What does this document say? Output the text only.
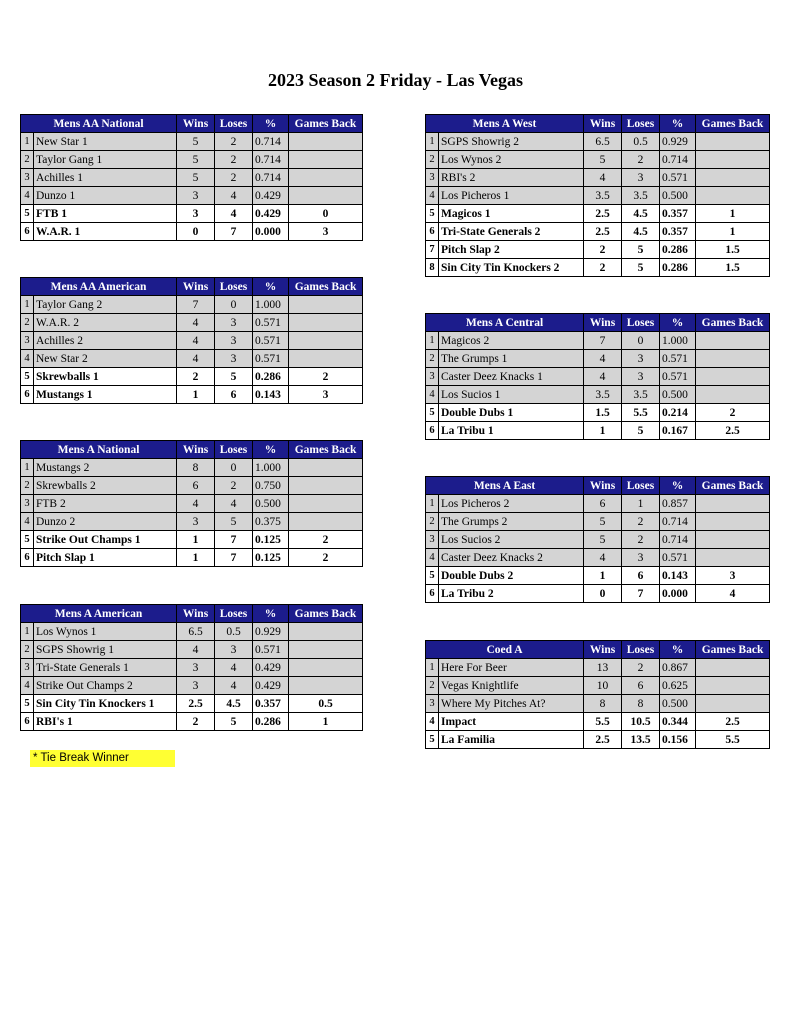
2023 Season 2 Friday - Las Vegas
Mens AA National		Wins	Loses	%	Games Back
1	New Star 1	5	2	0.714	
2	Taylor Gang 1	5	2	0.714	
3	Achilles 1	5	2	0.714	
4	Dunzo 1	3	4	0.429	
5	FTB 1	3	4	0.429	0
6	W.A.R. 1	0	7	0.000	3
Mens AA American		Wins	Loses	%	Games Back
1	Taylor Gang 2	7	0	1.000	
2	W.A.R. 2	4	3	0.571	
3	Achilles 2	4	3	0.571	
4	New Star 2	4	3	0.571	
5	Skrewballs 1	2	5	0.286	2
6	Mustangs 1	1	6	0.143	3
Mens A National		Wins	Loses	%	Games Back
1	Mustangs 2	8	0	1.000	
2	Skrewballs 2	6	2	0.750	
3	FTB 2	4	4	0.500	
4	Dunzo 2	3	5	0.375	
5	Strike Out Champs 1	1	7	0.125	2
6	Pitch Slap 1	1	7	0.125	2
Mens A American		Wins	Loses	%	Games Back
1	Los Wynos 1	6.5	0.5	0.929	
2	SGPS Showrig 1	4	3	0.571	
3	Tri-State Generals 1	3	4	0.429	
4	Strike Out Champs 2	3	4	0.429	
5	Sin City Tin Knockers 1	2.5	4.5	0.357	0.5
6	RBI's 1	2	5	0.286	1
Mens A West		Wins	Loses	%	Games Back
1	SGPS Showrig 2	6.5	0.5	0.929	
2	Los Wynos 2	5	2	0.714	
3	RBI's 2	4	3	0.571	
4	Los Picheros 1	3.5	3.5	0.500	
5	Magicos 1	2.5	4.5	0.357	1
6	Tri-State Generals 2	2.5	4.5	0.357	1
7	Pitch Slap 2	2	5	0.286	1.5
8	Sin City Tin Knockers 2	2	5	0.286	1.5
Mens A Central		Wins	Loses	%	Games Back
1	Magicos 2	7	0	1.000	
2	The Grumps 1	4	3	0.571	
3	Caster Deez Knacks 1	4	3	0.571	
4	Los Sucios 1	3.5	3.5	0.500	
5	Double Dubs 1	1.5	5.5	0.214	2
6	La Tribu 1	1	5	0.167	2.5
Mens A East		Wins	Loses	%	Games Back
1	Los Picheros 2	6	1	0.857	
2	The Grumps 2	5	2	0.714	
3	Los Sucios 2	5	2	0.714	
4	Caster Deez Knacks 2	4	3	0.571	
5	Double Dubs 2	1	6	0.143	3
6	La Tribu 2	0	7	0.000	4
Coed A		Wins	Loses	%	Games Back
1	Here For Beer	13	2	0.867	
2	Vegas Knightlife	10	6	0.625	
3	Where My Pitches At?	8	8	0.500	
4	Impact	5.5	10.5	0.344	2.5
5	La Familia	2.5	13.5	0.156	5.5
* Tie Break Winner
